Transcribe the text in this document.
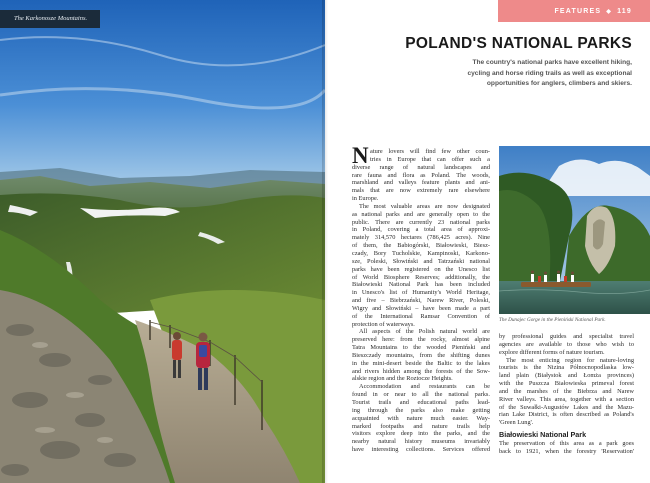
The Karkonosze Mountains.
FEATURES ◆ 119
POLAND'S NATIONAL PARKS
The country's national parks have excellent hiking,
cycling and horse riding trails as well as exceptional
opportunities for anglers, climbers and skiers.
N ature lovers will find few other coun-
tries in Europe that can offer such a
diverse range of natural landscapes and
rare fauna and flora as Poland. The woods,
marshland and valleys feature plants and ani-
mals that are now extremely rare elsewhere
in Europe.
The most valuable areas are now designated
as national parks and are generally open to the
public. There are currently 23 national parks
in Poland, covering a total area of approxi-
mately 314,570 hectares (786,425 acres). Nine
of them, the Babiogórski, Białowieski, Biesz-
czady, Bory Tucholskie, Kampinoski, Karkono-
sze, Poleski, Słowiński and Tatrzański national
parks have been registered on the Unesco list
of World Biosphere Reserves; additionally, the
Białowieski National Park has been included
in Unesco's list of Humanity's World Heritage,
and five – Biebrzański, Narew River, Poleski,
Wigry and Słowiński – have been made a part
of the International Ramsar Convention of
protection of waterways.
All aspects of the Polish natural world are
preserved here: from the rocky, almost alpine
Tatra Mountains to the wooded Pieniński and
Bieszczady mountains, from the shifting dunes
in the mini-desert beside the Baltic to the lakes
and rivers hidden among the forests of the Sow-
alskie region and the Roztocze Heights.
Accommodation and restaurants can be
found in or near to all the national parks.
Tourist trails and educational paths lead-
ing through the parks also make getting
acquainted with nature much easier. Way-
marked footpaths and nature trails help
visitors explore deep into the parks, and the
nearby natural history museums invariably
have interesting collections. Services offered
The Dunajec Gorge in the Pieniński National Park.
by professional guides and specialist travel
agencies are available to those who wish to
explore different forms of nature tourism.
The most enticing region for nature-loving
tourists is the Nizina Północnopodlaska low-
land plain (Białystok and Łomża provinces)
with the Puszcza Białowieska primeval forest
and the marshes of the Biebrza and Narew
River valleys. This area, together with a section
of the Suwałki-Augustów Lakes and the Mazu-
rian Lake District, is often described as Poland's
'Green Lung'.
Białowieski National Park
The preservation of this area as a park goes
back to 1921, when the forestry 'Reservation'
